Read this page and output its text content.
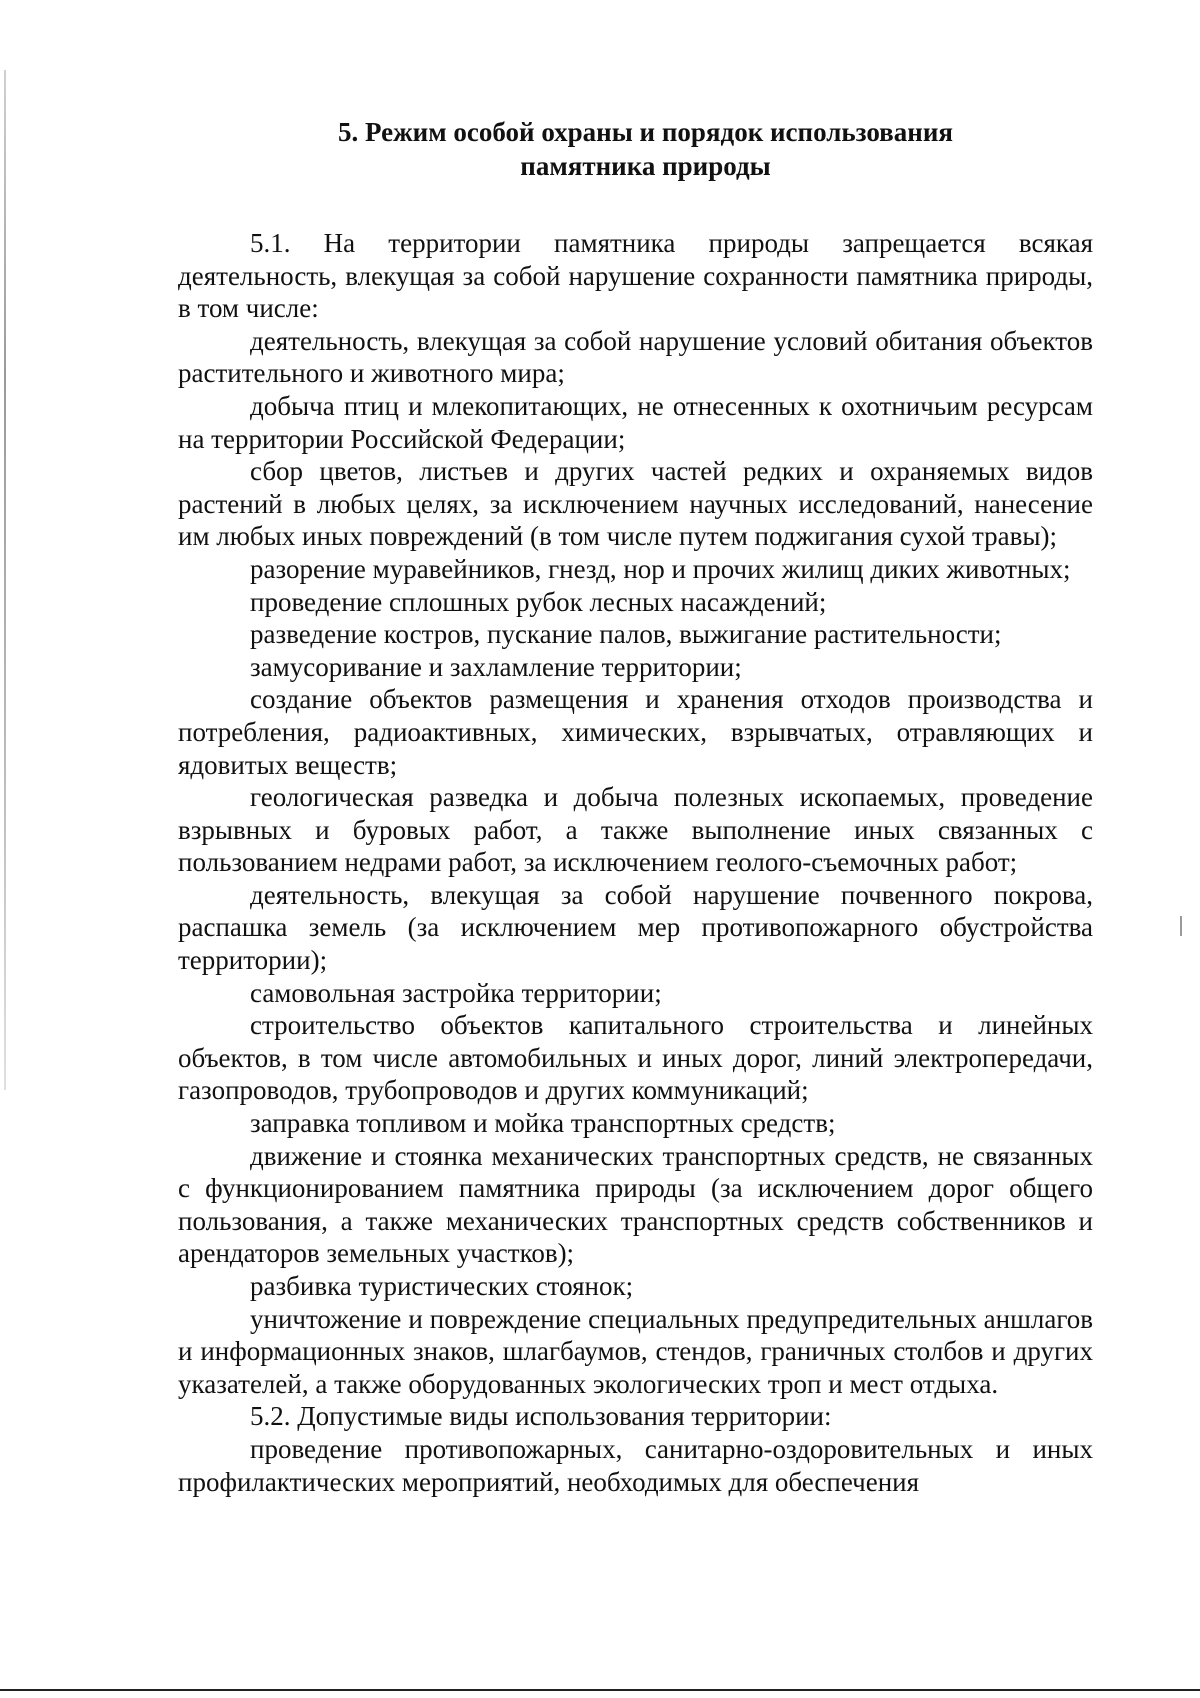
5. Режим особой охраны и порядок использования
памятника природы

5.1. На территории памятника природы запрещается всякая деятельность, влекущая за собой нарушение сохранности памятника природы, в том числе:

деятельность, влекущая за собой нарушение условий обитания объектов растительного и животного мира;

добыча птиц и млекопитающих, не отнесенных к охотничьим ресурсам на территории Российской Федерации;

сбор цветов, листьев и других частей редких и охраняемых видов растений в любых целях, за исключением научных исследований, нанесение им любых иных повреждений (в том числе путем поджигания сухой травы);

разорение муравейников, гнезд, нор и прочих жилищ диких животных;

проведение сплошных рубок лесных насаждений;

разведение костров, пускание палов, выжигание растительности;

замусоривание и захламление территории;

создание объектов размещения и хранения отходов производства и потребления, радиоактивных, химических, взрывчатых, отравляющих и ядовитых веществ;

геологическая разведка и добыча полезных ископаемых, проведение взрывных и буровых работ, а также выполнение иных связанных с пользованием недрами работ, за исключением геолого-съемочных работ;

деятельность, влекущая за собой нарушение почвенного покрова, распашка земель (за исключением мер противопожарного обустройства территории);

самовольная застройка территории;

строительство объектов капитального строительства и линейных объектов, в том числе автомобильных и иных дорог, линий электропередачи, газопроводов, трубопроводов и других коммуникаций;

заправка топливом и мойка транспортных средств;

движение и стоянка механических транспортных средств, не связанных с функционированием памятника природы (за исключением дорог общего пользования, а также механических транспортных средств собственников и арендаторов земельных участков);

разбивка туристических стоянок;

уничтожение и повреждение специальных предупредительных аншлагов и информационных знаков, шлагбаумов, стендов, граничных столбов и других указателей, а также оборудованных экологических троп и мест отдыха.

5.2. Допустимые виды использования территории:

проведение противопожарных, санитарно-оздоровительных и иных профилактических мероприятий, необходимых для обеспечения
